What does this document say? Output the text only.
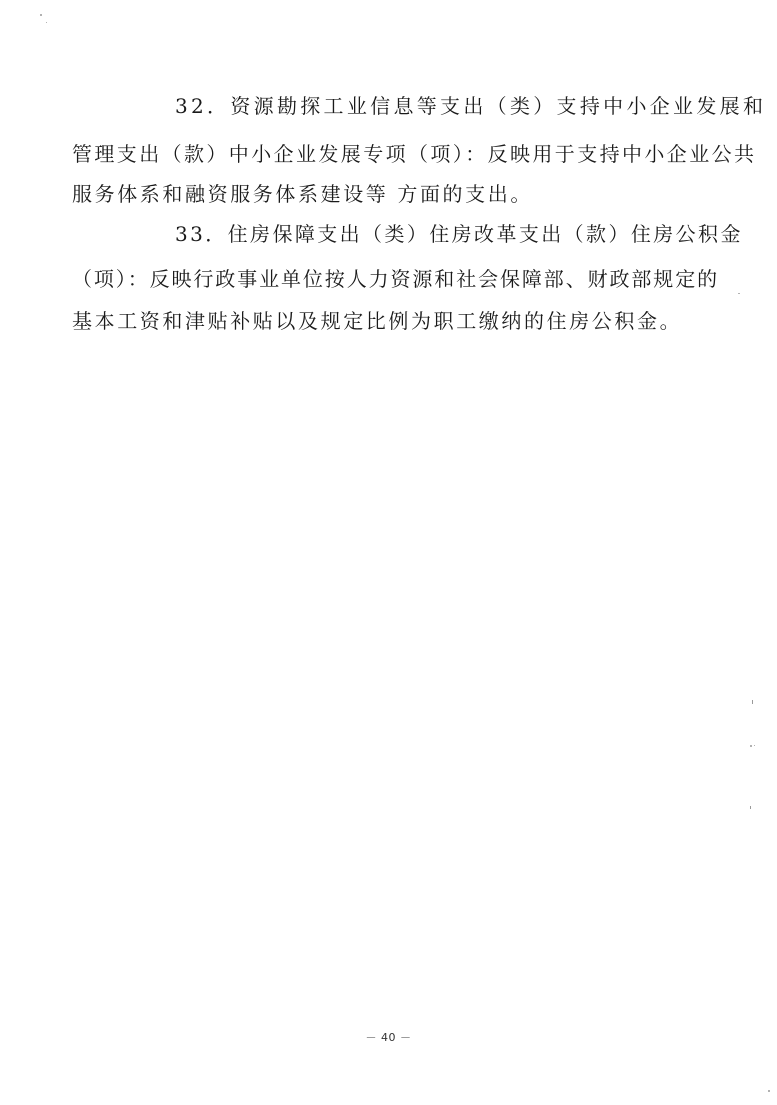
32．资源勘探工业信息等支出（类）支持中小企业发展和
管理支出（款）中小企业发展专项（项）：反映用于支持中小企业公共
服务体系和融资服务体系建设等 方面的支出。
33．住房保障支出（类）住房改革支出（款）住房公积金
（项）：反映行政事业单位按人力资源和社会保障部、财政部规定的
基本工资和津贴补贴以及规定比例为职工缴纳的住房公积金。
－ 40 －
